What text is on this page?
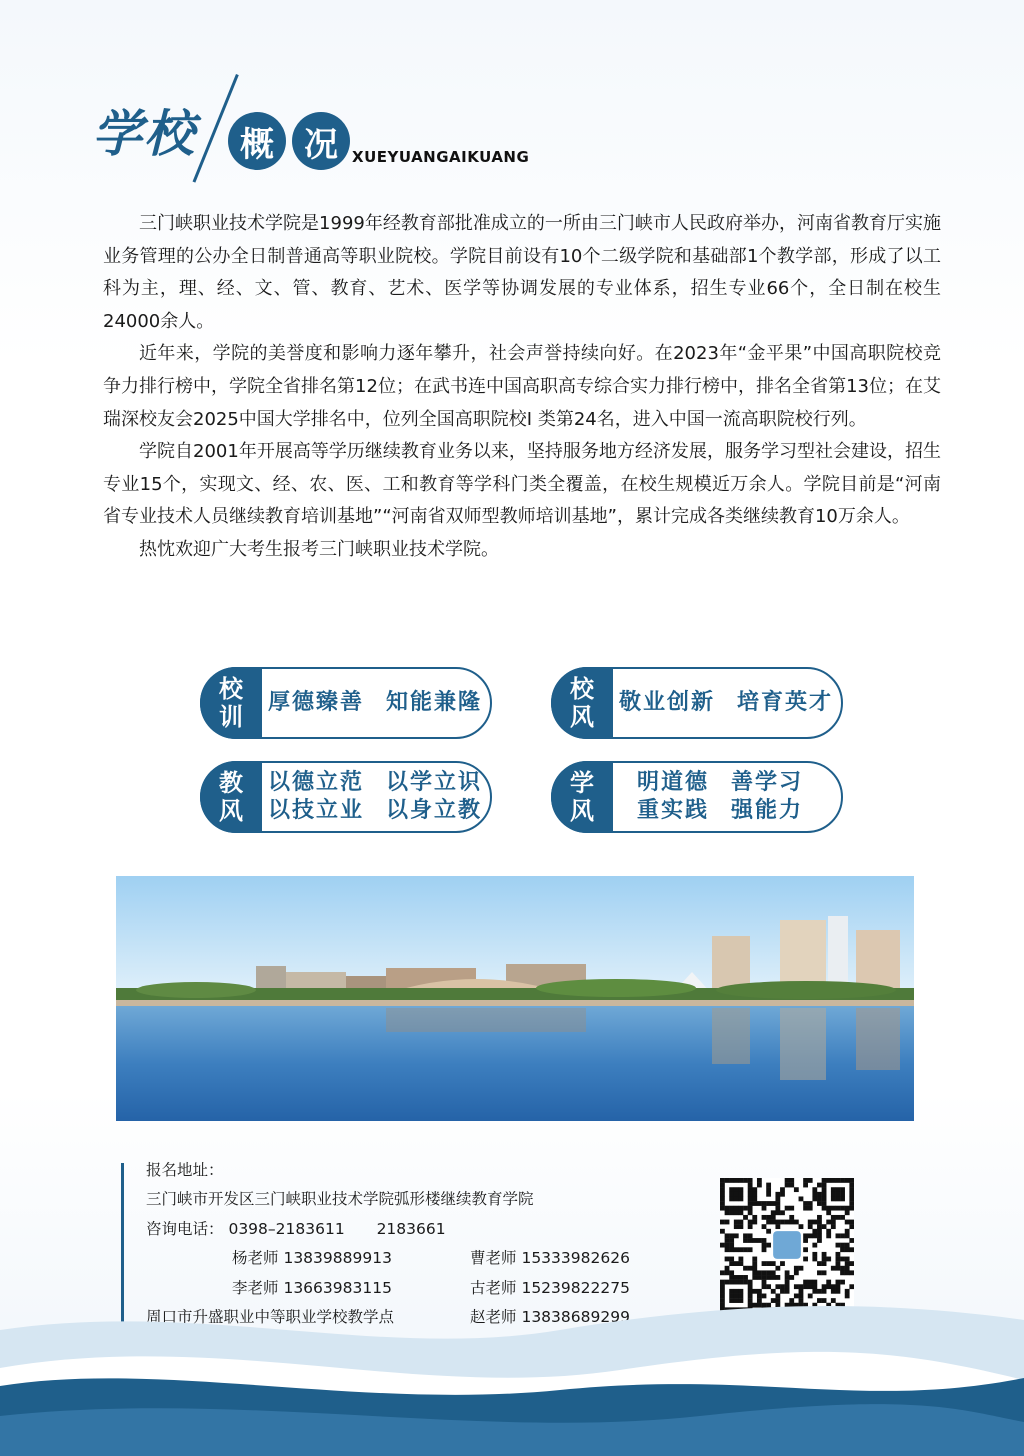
学校	概 况 XUEYUANGAIKUANG

三门峡职业技术学院是1999年经教育部批准成立的一所由三门峡市人民政府举办，河南省教育厅实施业务管理的公办全日制普通高等职业院校。学院目前设有10个二级学院和基础部1个教学部，形成了以工科为主，理、经、文、管、教育、艺术、医学等协调发展的专业体系，招生专业66个，全日制在校生24000余人。

近年来，学院的美誉度和影响力逐年攀升，社会声誉持续向好。在2023年“金平果”中国高职院校竞争力排行榜中，学院全省排名第12位；在武书连中国高职高专综合实力排行榜中，排名全省第13位；在艾瑞深校友会2025中国大学排名中，位列全国高职院校I 类第24名，进入中国一流高职院校行列。

学院自2001年开展高等学历继续教育业务以来，坚持服务地方经济发展，服务学习型社会建设，招生专业15个，实现文、经、农、医、工和教育等学科门类全覆盖，在校生规模近万余人。学院目前是“河南省专业技术人员继续教育培训基地”“河南省双师型教师培训基地”，累计完成各类继续教育10万余人。

热忱欢迎广大考生报考三门峡职业技术学院。

校
训
厚德臻善 知能兼隆	校
风
敬业创新 培育英才
教
风
以德立范 以学立识
以技立业 以身立教
学
风
明道德 善学习
重实践 强能力
报名地址：
三门峡市开发区三门峡职业技术学院弧形楼继续教育学院
咨询电话： 0398–2183611 2183661
杨老师 13839889913	曹老师 15333982626
李老师 13663983115	古老师 15239822275
周口市升盛职业中等职业学校教学点	赵老师 13838689299
